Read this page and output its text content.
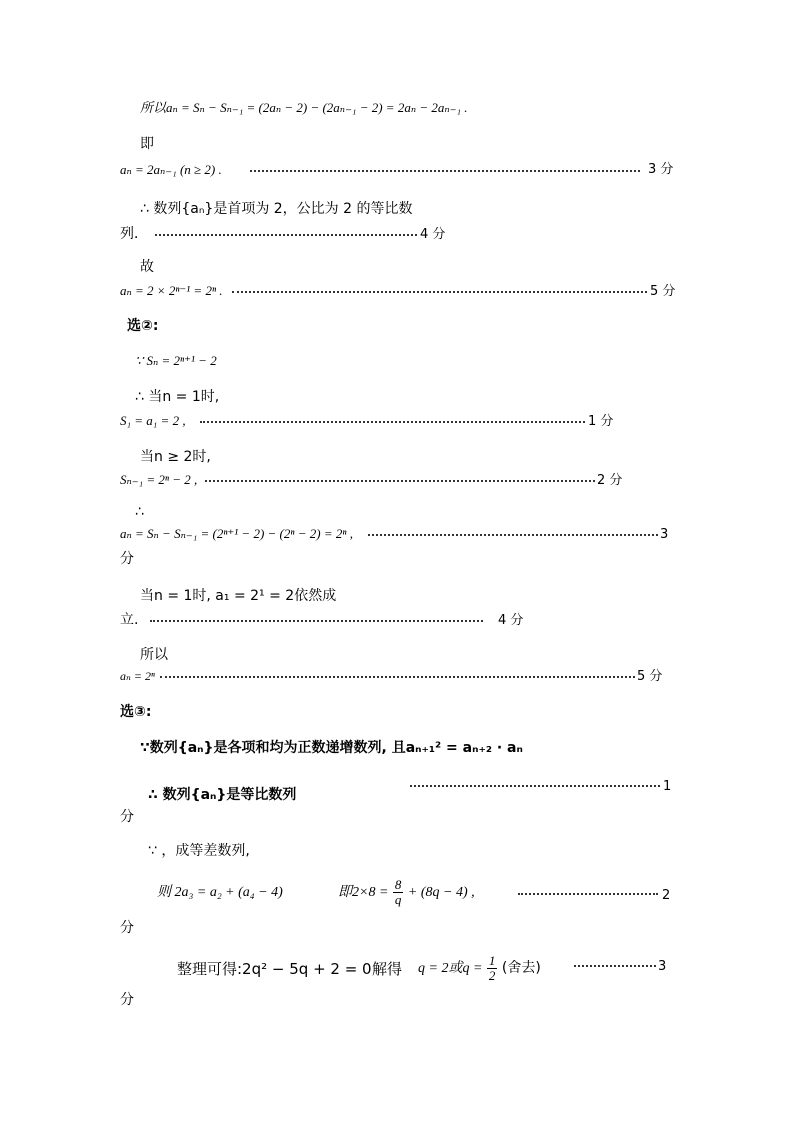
所以aₙ = Sₙ − Sₙ₋₁ = (2aₙ − 2) − (2aₙ₋₁ − 2) = 2aₙ − 2aₙ₋₁ .
即
aₙ = 2aₙ₋₁ (n ≥ 2) .	3 分
∴ 数列{aₙ}是首项为 2，公比为 2 的等比数
列．	4 分
故
aₙ = 2 × 2ⁿ⁻¹ = 2ⁿ .	5 分
选②:
∵ Sₙ = 2ⁿ⁺¹ − 2
∴ 当n = 1时,
S₁ = a₁ = 2 ,	1 分
当n ≥ 2时,
Sₙ₋₁ = 2ⁿ − 2 ,	2 分
∴
aₙ = Sₙ − Sₙ₋₁ = (2ⁿ⁺¹ − 2) − (2ⁿ − 2) = 2ⁿ ,	3
分
当n = 1时, a₁ = 2¹ = 2依然成
立.	4 分
所以
aₙ = 2ⁿ	5 分
选③:
∵数列{aₙ}是各项和均为正数递增数列, 且aₙ₊₁² = aₙ₊₂ · aₙ
∴ 数列{aₙ}是等比数列
1
分
∵ ，成等差数列,
则 2a₃ = a₂ + (a₄ − 4)	即$2\times 8 = \frac{8}{q} + (8q - 4)$ ,	2
分
整理可得:2q² − 5q + 2 = 0 解得 q = 2或$q = \frac{1}{2}$ (舍去)	3
分
